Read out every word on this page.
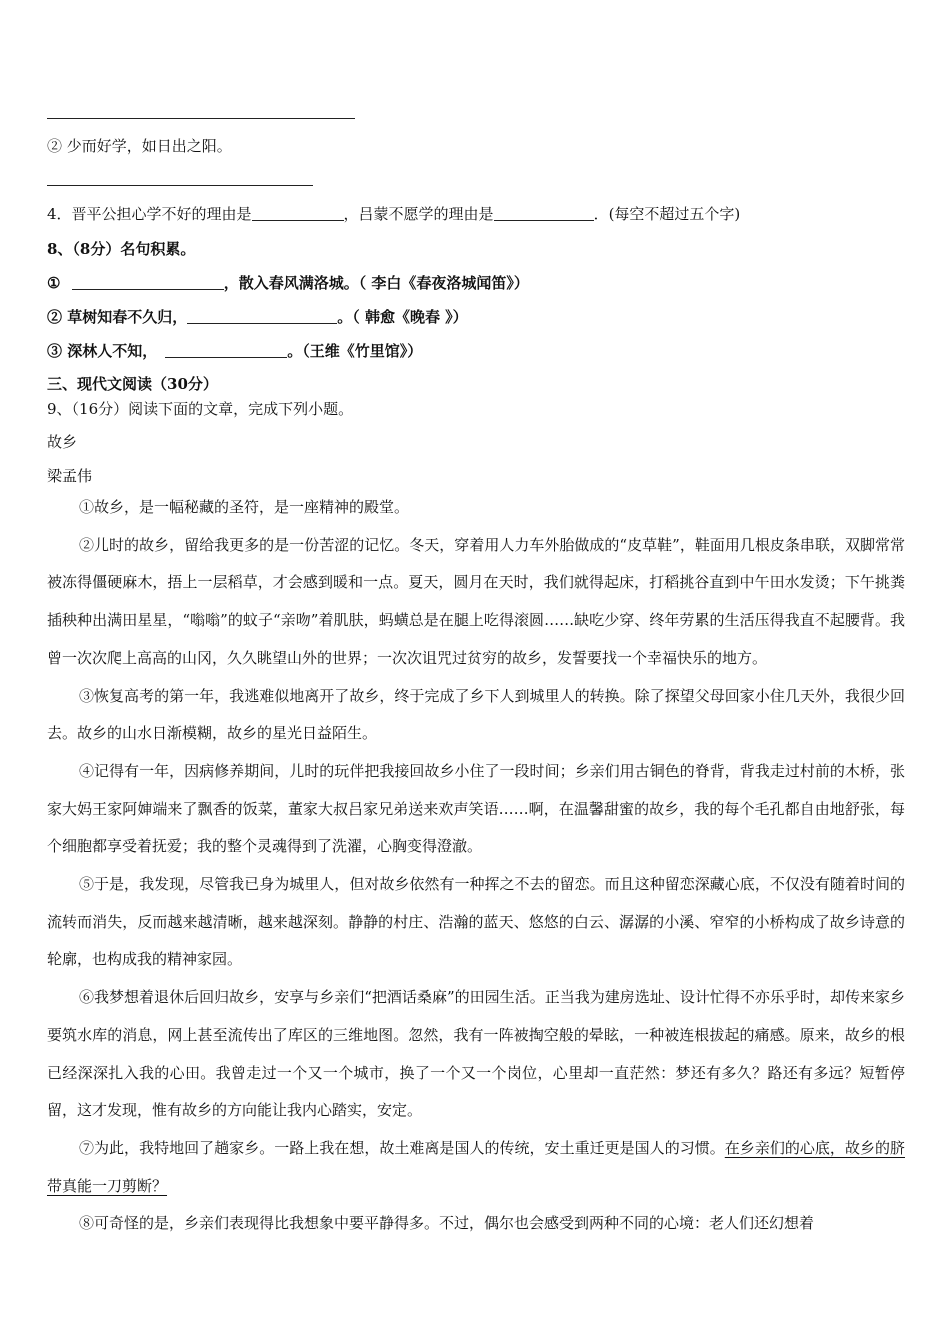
② 少而好学，如日出之阳。
4．晋平公担心学不好的理由是	，吕蒙不愿学的理由是	．(每空不超过五个字)
8、（8分）名句积累。
①	，散入春风满洛城。（ 李白《春夜洛城闻笛》）
② 草树知春不久归，	。（ 韩愈《晚春 》）
③ 深林人不知，	。（王维《竹里馆》）
三、现代文阅读（30分）
9、（16分）阅读下面的文章，完成下列小题。
故乡
梁孟伟

①故乡，是一幅秘藏的圣符，是一座精神的殿堂。

②儿时的故乡，留给我更多的是一份苦涩的记忆。冬天，穿着用人力车外胎做成的“皮草鞋”，鞋面用几根皮条串联，双脚常常被冻得僵硬麻木，捂上一层稻草，才会感到暖和一点。夏天，圆月在天时，我们就得起床，打稻挑谷直到中午田水发烫；下午挑粪插秧种出满田星星，“嗡嗡”的蚊子“亲吻”着肌肤，蚂蟥总是在腿上吃得滚圆……缺吃少穿、终年劳累的生活压得我直不起腰背。我曾一次次爬上高高的山冈，久久眺望山外的世界；一次次诅咒过贫穷的故乡，发誓要找一个幸福快乐的地方。

③恢复高考的第一年，我逃难似地离开了故乡，终于完成了乡下人到城里人的转换。除了探望父母回家小住几天外，我很少回去。故乡的山水日渐模糊，故乡的星光日益陌生。

④记得有一年，因病修养期间，儿时的玩伴把我接回故乡小住了一段时间；乡亲们用古铜色的脊背，背我走过村前的木桥，张家大妈王家阿婶端来了飘香的饭菜，董家大叔吕家兄弟送来欢声笑语……啊，在温馨甜蜜的故乡，我的每个毛孔都自由地舒张，每个细胞都享受着抚爱；我的整个灵魂得到了洗濯，心胸变得澄澈。

⑤于是，我发现，尽管我已身为城里人，但对故乡依然有一种挥之不去的留恋。而且这种留恋深藏心底，不仅没有随着时间的流转而消失，反而越来越清晰，越来越深刻。静静的村庄、浩瀚的蓝天、悠悠的白云、潺潺的小溪、窄窄的小桥构成了故乡诗意的轮廓，也构成我的精神家园。

⑥我梦想着退休后回归故乡，安享与乡亲们“把酒话桑麻”的田园生活。正当我为建房选址、设计忙得不亦乐乎时，却传来家乡要筑水库的消息，网上甚至流传出了库区的三维地图。忽然，我有一阵被掏空般的晕眩，一种被连根拔起的痛感。原来，故乡的根已经深深扎入我的心田。我曾走过一个又一个城市，换了一个又一个岗位，心里却一直茫然：梦还有多久？路还有多远？短暂停留，这才发现，惟有故乡的方向能让我内心踏实，安定。

⑦为此，我特地回了趟家乡。一路上我在想，故土难离是国人的传统，安土重迁更是国人的习惯。在乡亲们的心底，故乡的脐带真能一刀剪断？

⑧可奇怪的是，乡亲们表现得比我想象中要平静得多。不过，偶尔也会感受到两种不同的心境：老人们还幻想着
